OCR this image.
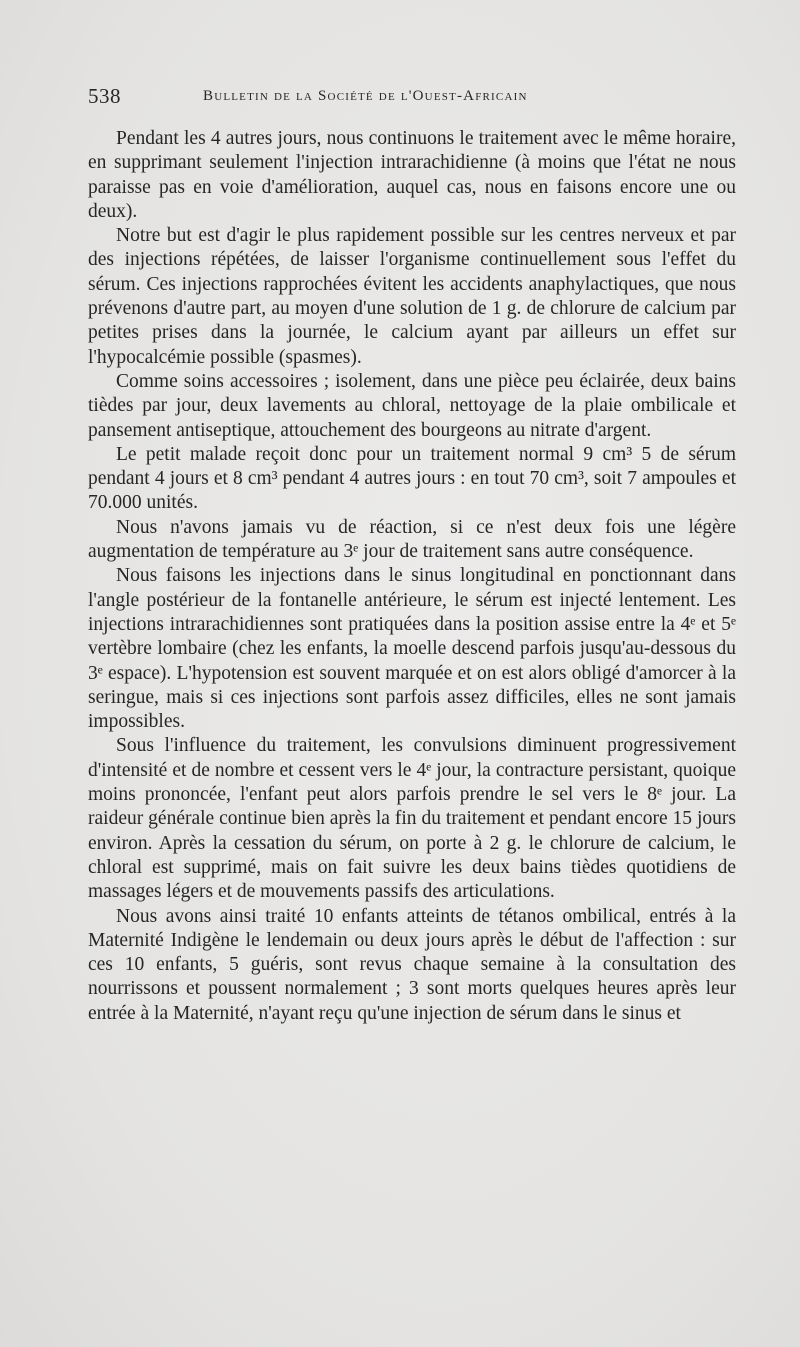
538	Bulletin de la Société de l'Ouest-Africain

Pendant les 4 autres jours, nous continuons le traitement avec le même horaire, en supprimant seulement l'injection intrarachidienne (à moins que l'état ne nous paraisse pas en voie d'amélioration, auquel cas, nous en faisons encore une ou deux).

Notre but est d'agir le plus rapidement possible sur les centres nerveux et par des injections répétées, de laisser l'organisme continuellement sous l'effet du sérum. Ces injections rapprochées évitent les accidents anaphylactiques, que nous prévenons d'autre part, au moyen d'une solution de 1 g. de chlorure de calcium par petites prises dans la journée, le calcium ayant par ailleurs un effet sur l'hypocalcémie possible (spasmes).

Comme soins accessoires ; isolement, dans une pièce peu éclairée, deux bains tièdes par jour, deux lavements au chloral, nettoyage de la plaie ombilicale et pansement antiseptique, attouchement des bourgeons au nitrate d'argent.

Le petit malade reçoit donc pour un traitement normal 9 cm³ 5 de sérum pendant 4 jours et 8 cm³ pendant 4 autres jours : en tout 70 cm³, soit 7 ampoules et 70.000 unités.

Nous n'avons jamais vu de réaction, si ce n'est deux fois une légère augmentation de température au 3ᵉ jour de traitement sans autre conséquence.

Nous faisons les injections dans le sinus longitudinal en ponctionnant dans l'angle postérieur de la fontanelle antérieure, le sérum est injecté lentement. Les injections intrarachidiennes sont pratiquées dans la position assise entre la 4ᵉ et 5ᵉ vertèbre lombaire (chez les enfants, la moelle descend parfois jusqu'au-dessous du 3ᵉ espace). L'hypotension est souvent marquée et on est alors obligé d'amorcer à la seringue, mais si ces injections sont parfois assez difficiles, elles ne sont jamais impossibles.

Sous l'influence du traitement, les convulsions diminuent progressivement d'intensité et de nombre et cessent vers le 4ᵉ jour, la contracture persistant, quoique moins prononcée, l'enfant peut alors parfois prendre le sel vers le 8ᵉ jour. La raideur générale continue bien après la fin du traitement et pendant encore 15 jours environ. Après la cessation du sérum, on porte à 2 g. le chlorure de calcium, le chloral est supprimé, mais on fait suivre les deux bains tièdes quotidiens de massages légers et de mouvements passifs des articulations.

Nous avons ainsi traité 10 enfants atteints de tétanos ombilical, entrés à la Maternité Indigène le lendemain ou deux jours après le début de l'affection : sur ces 10 enfants, 5 guéris, sont revus chaque semaine à la consultation des nourrissons et poussent normalement ; 3 sont morts quelques heures après leur entrée à la Maternité, n'ayant reçu qu'une injection de sérum dans le sinus et
